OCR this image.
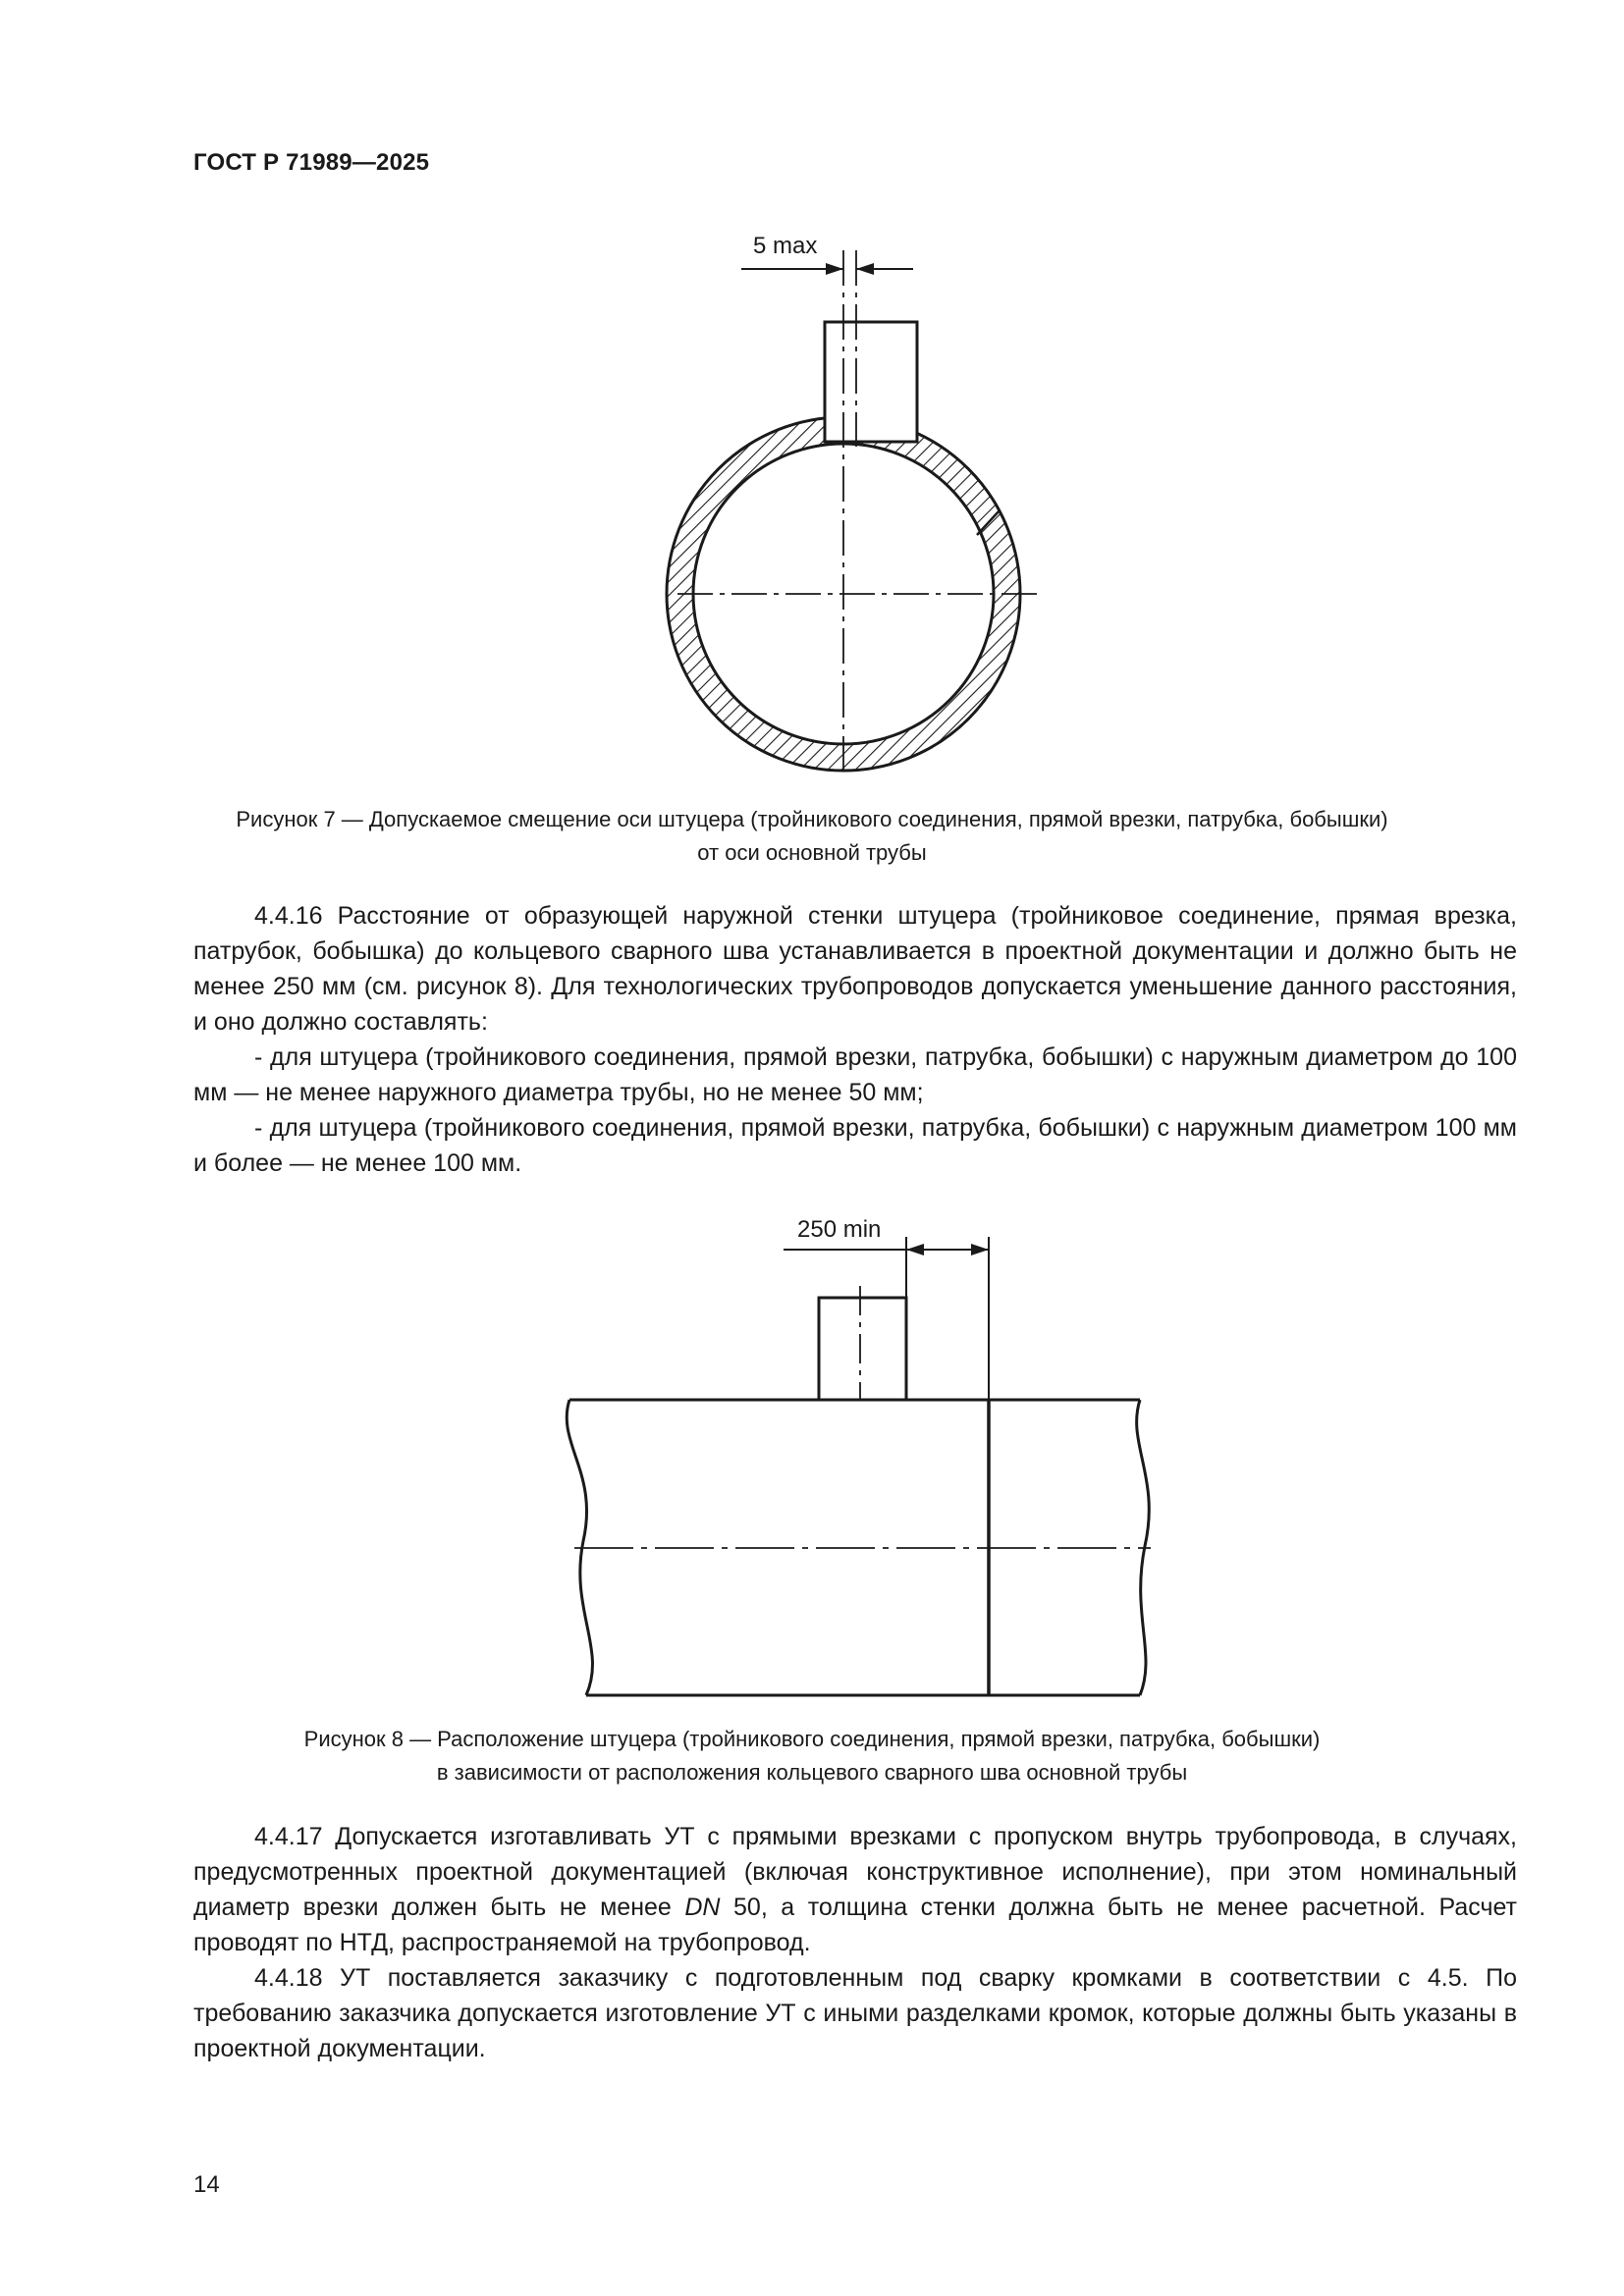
ГОСТ Р 71989—2025
5 max
Рисунок 7 — Допускаемое смещение оси штуцера (тройникового соединения, прямой врезки, патрубка, бобышки)
от оси основной трубы

4.4.16 Расстояние от образующей наружной стенки штуцера (тройниковое соединение, прямая врезка, патрубок, бобышка) до кольцевого сварного шва устанавливается в проектной документации и должно быть не менее 250 мм (см. рисунок 8). Для технологических трубопроводов допускается уменьшение данного расстояния, и оно должно составлять:

- для штуцера (тройникового соединения, прямой врезки, патрубка, бобышки) с наружным диаметром до 100 мм — не менее наружного диаметра трубы, но не менее 50 мм;

- для штуцера (тройникового соединения, прямой врезки, патрубка, бобышки) с наружным диаметром 100 мм и более — не менее 100 мм.

250 min
Рисунок 8 — Расположение штуцера (тройникового соединения, прямой врезки, патрубка, бобышки)
в зависимости от расположения кольцевого сварного шва основной трубы

4.4.17 Допускается изготавливать УТ с прямыми врезками с пропуском внутрь трубопровода, в случаях, предусмотренных проектной документацией (включая конструктивное исполнение), при этом номинальный диаметр врезки должен быть не менее DN 50, а толщина стенки должна быть не менее расчетной. Расчет проводят по НТД, распространяемой на трубопровод.

4.4.18 УТ поставляется заказчику с подготовленным под сварку кромками в соответствии с 4.5. По требованию заказчика допускается изготовление УТ с иными разделками кромок, которые должны быть указаны в проектной документации.

14
